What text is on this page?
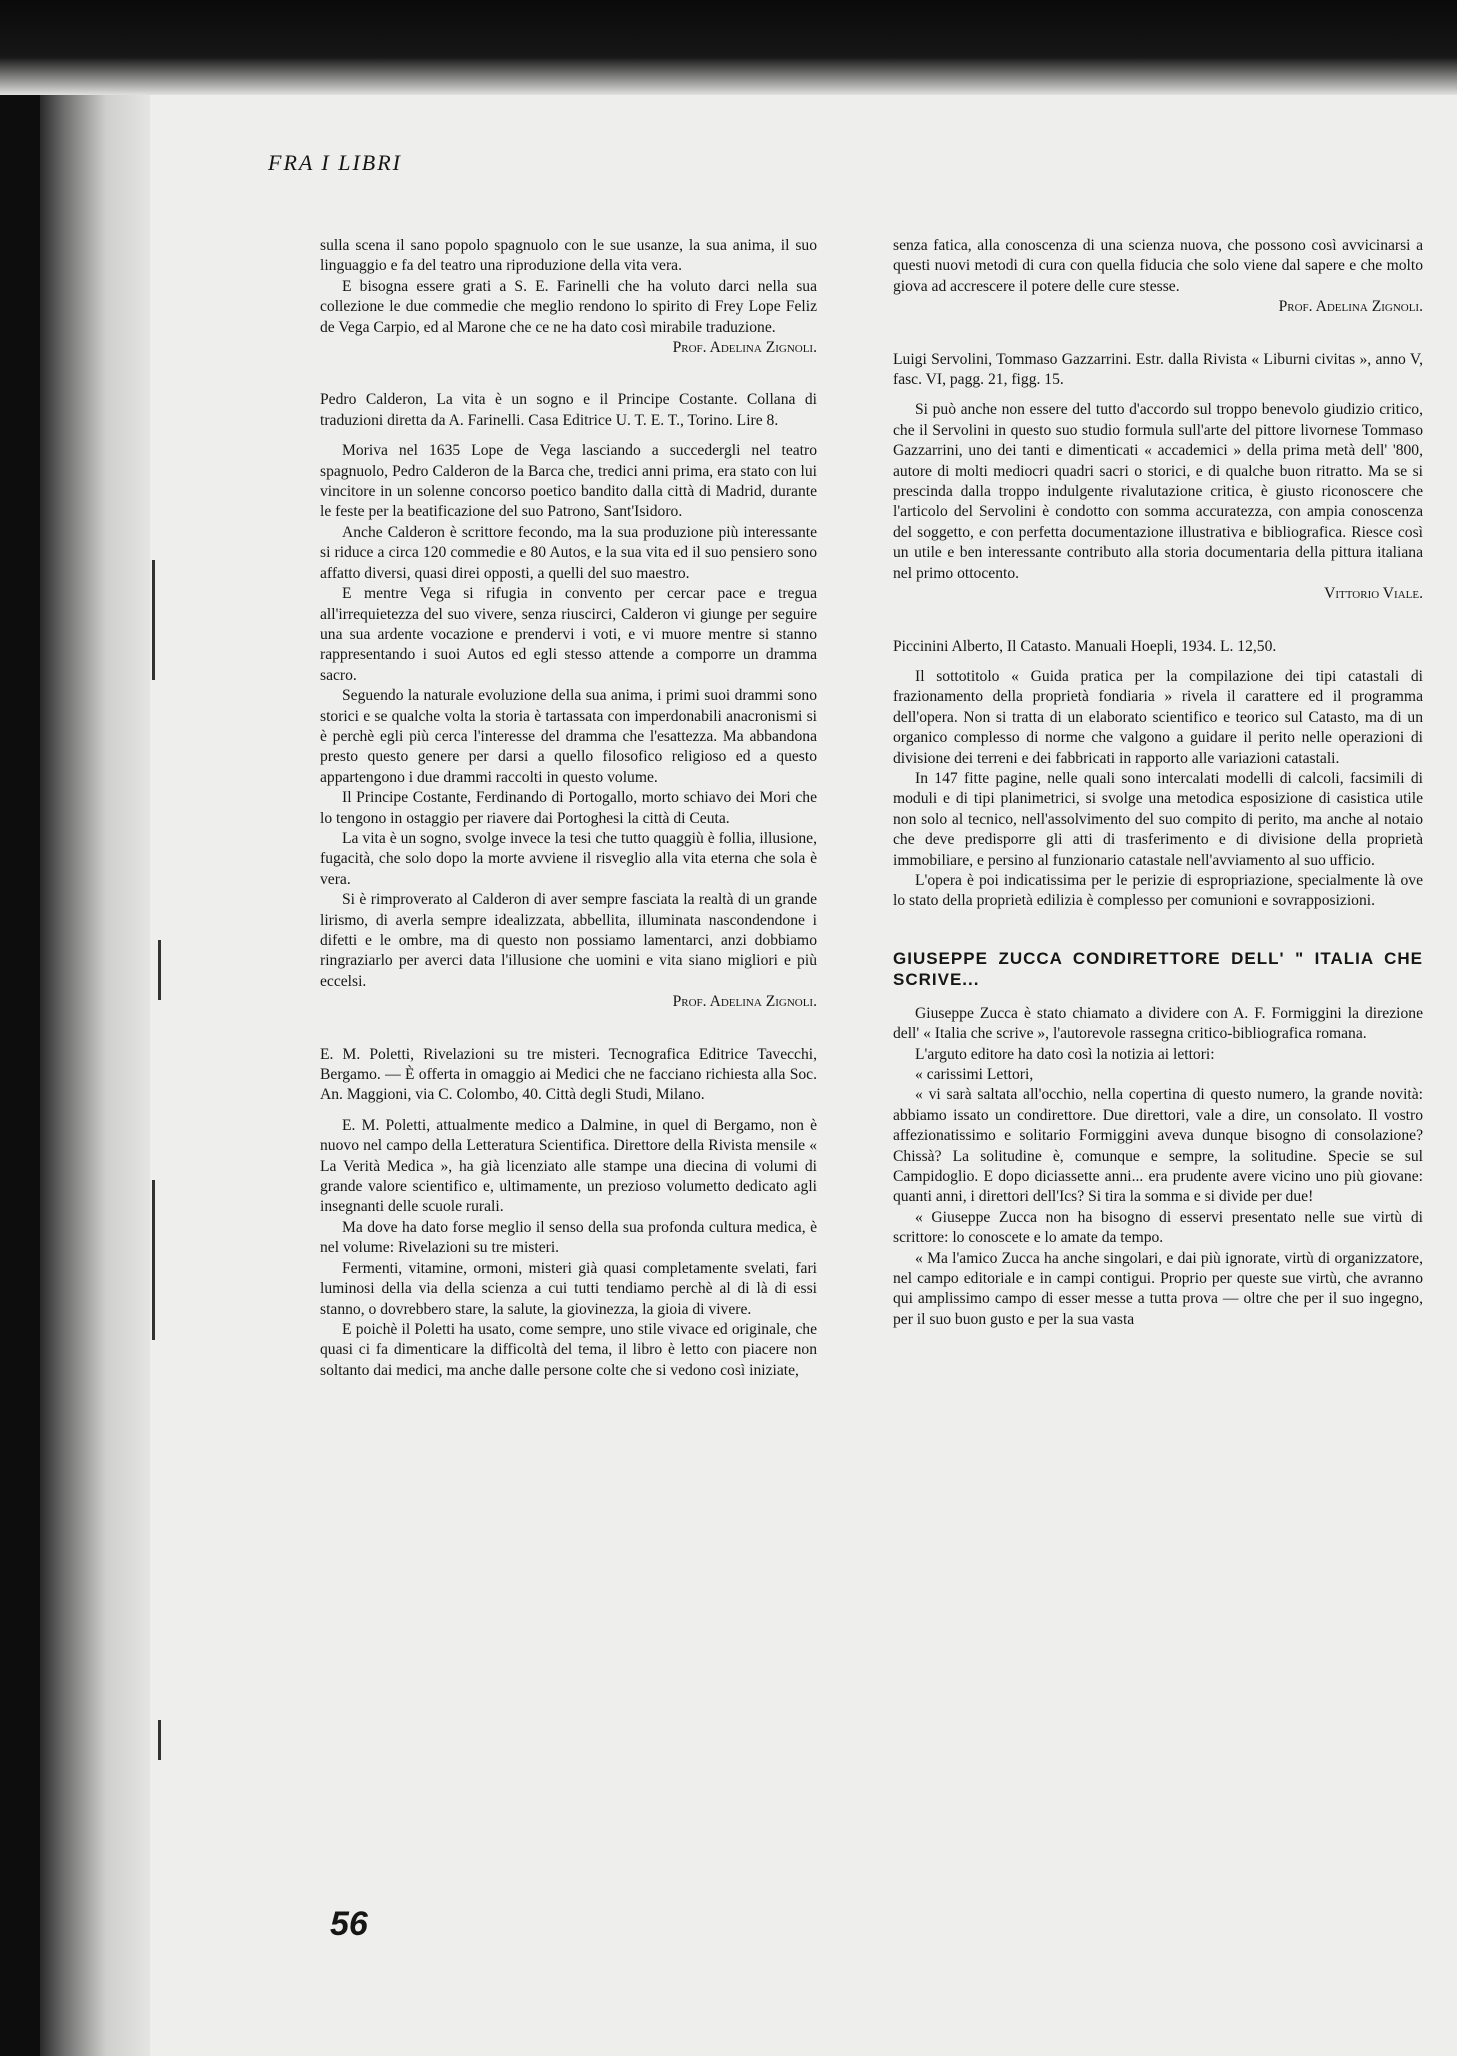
FRA I LIBRI

sulla scena il sano popolo spagnuolo con le sue usanze, la sua anima, il suo linguaggio e fa del teatro una riproduzione della vita vera.

E bisogna essere grati a S. E. Farinelli che ha voluto darci nella sua collezione le due commedie che meglio rendono lo spirito di Frey Lope Feliz de Vega Carpio, ed al Marone che ce ne ha dato così mirabile traduzione.

Prof. Adelina Zignoli.

Pedro Calderon, La vita è un sogno e il Principe Costante. Collana di traduzioni diretta da A. Farinelli. Casa Editrice U. T. E. T., Torino. Lire 8.

Moriva nel 1635 Lope de Vega lasciando a succedergli nel teatro spagnuolo, Pedro Calderon de la Barca che, tredici anni prima, era stato con lui vincitore in un solenne concorso poetico bandito dalla città di Madrid, durante le feste per la beatificazione del suo Patrono, Sant'Isidoro.

Anche Calderon è scrittore fecondo, ma la sua produzione più interessante si riduce a circa 120 commedie e 80 Autos, e la sua vita ed il suo pensiero sono affatto diversi, quasi direi opposti, a quelli del suo maestro.

E mentre Vega si rifugia in convento per cercar pace e tregua all'irrequietezza del suo vivere, senza riuscirci, Calderon vi giunge per seguire una sua ardente vocazione e prendervi i voti, e vi muore mentre si stanno rappresentando i suoi Autos ed egli stesso attende a comporre un dramma sacro.

Seguendo la naturale evoluzione della sua anima, i primi suoi drammi sono storici e se qualche volta la storia è tartassata con imperdonabili anacronismi si è perchè egli più cerca l'interesse del dramma che l'esattezza. Ma abbandona presto questo genere per darsi a quello filosofico religioso ed a questo appartengono i due drammi raccolti in questo volume.

Il Principe Costante, Ferdinando di Portogallo, morto schiavo dei Mori che lo tengono in ostaggio per riavere dai Portoghesi la città di Ceuta.

La vita è un sogno, svolge invece la tesi che tutto quaggiù è follia, illusione, fugacità, che solo dopo la morte avviene il risveglio alla vita eterna che sola è vera.

Si è rimproverato al Calderon di aver sempre fasciata la realtà di un grande lirismo, di averla sempre idealizzata, abbellita, illuminata nascondendone i difetti e le ombre, ma di questo non possiamo lamentarci, anzi dobbiamo ringraziarlo per averci data l'illusione che uomini e vita siano migliori e più eccelsi.

Prof. Adelina Zignoli.

E. M. Poletti, Rivelazioni su tre misteri. Tecnografica Editrice Tavecchi, Bergamo. — È offerta in omaggio ai Medici che ne facciano richiesta alla Soc. An. Maggioni, via C. Colombo, 40. Città degli Studi, Milano.

E. M. Poletti, attualmente medico a Dalmine, in quel di Bergamo, non è nuovo nel campo della Letteratura Scientifica. Direttore della Rivista mensile « La Verità Medica », ha già licenziato alle stampe una diecina di volumi di grande valore scientifico e, ultimamente, un prezioso volumetto dedicato agli insegnanti delle scuole rurali.

Ma dove ha dato forse meglio il senso della sua profonda cultura medica, è nel volume: Rivelazioni su tre misteri.

Fermenti, vitamine, ormoni, misteri già quasi completamente svelati, fari luminosi della via della scienza a cui tutti tendiamo perchè al di là di essi stanno, o dovrebbero stare, la salute, la giovinezza, la gioia di vivere.

E poichè il Poletti ha usato, come sempre, uno stile vivace ed originale, che quasi ci fa dimenticare la difficoltà del tema, il libro è letto con piacere non soltanto dai medici, ma anche dalle persone colte che si vedono così iniziate,

senza fatica, alla conoscenza di una scienza nuova, che possono così avvicinarsi a questi nuovi metodi di cura con quella fiducia che solo viene dal sapere e che molto giova ad accrescere il potere delle cure stesse.

Prof. Adelina Zignoli.

Luigi Servolini, Tommaso Gazzarrini. Estr. dalla Rivista « Liburni civitas », anno V, fasc. VI, pagg. 21, figg. 15.

Si può anche non essere del tutto d'accordo sul troppo benevolo giudizio critico, che il Servolini in questo suo studio formula sull'arte del pittore livornese Tommaso Gazzarrini, uno dei tanti e dimenticati « accademici » della prima metà dell' '800, autore di molti mediocri quadri sacri o storici, e di qualche buon ritratto. Ma se si prescinda dalla troppo indulgente rivalutazione critica, è giusto riconoscere che l'articolo del Servolini è condotto con somma accuratezza, con ampia conoscenza del soggetto, e con perfetta documentazione illustrativa e bibliografica. Riesce così un utile e ben interessante contributo alla storia documentaria della pittura italiana nel primo ottocento.

Vittorio Viale.

Piccinini Alberto, Il Catasto. Manuali Hoepli, 1934. L. 12,50.

Il sottotitolo « Guida pratica per la compilazione dei tipi catastali di frazionamento della proprietà fondiaria » rivela il carattere ed il programma dell'opera. Non si tratta di un elaborato scientifico e teorico sul Catasto, ma di un organico complesso di norme che valgono a guidare il perito nelle operazioni di divisione dei terreni e dei fabbricati in rapporto alle variazioni catastali.

In 147 fitte pagine, nelle quali sono intercalati modelli di calcoli, facsimili di moduli e di tipi planimetrici, si svolge una metodica esposizione di casistica utile non solo al tecnico, nell'assolvimento del suo compito di perito, ma anche al notaio che deve predisporre gli atti di trasferimento e di divisione della proprietà immobiliare, e persino al funzionario catastale nell'avviamento al suo ufficio.

L'opera è poi indicatissima per le perizie di espropriazione, specialmente là ove lo stato della proprietà edilizia è complesso per comunioni e sovrapposizioni.

GIUSEPPE ZUCCA CONDIRETTORE DELL' " ITALIA CHE SCRIVE...

Giuseppe Zucca è stato chiamato a dividere con A. F. Formiggini la direzione dell' « Italia che scrive », l'autorevole rassegna critico-bibliografica romana.

L'arguto editore ha dato così la notizia ai lettori:

« carissimi Lettori,

« vi sarà saltata all'occhio, nella copertina di questo numero, la grande novità: abbiamo issato un condirettore. Due direttori, vale a dire, un consolato. Il vostro affezionatissimo e solitario Formiggini aveva dunque bisogno di consolazione? Chissà? La solitudine è, comunque e sempre, la solitudine. Specie se sul Campidoglio. E dopo diciassette anni... era prudente avere vicino uno più giovane: quanti anni, i direttori dell'Ics? Si tira la somma e si divide per due!

« Giuseppe Zucca non ha bisogno di esservi presentato nelle sue virtù di scrittore: lo conoscete e lo amate da tempo.

« Ma l'amico Zucca ha anche singolari, e dai più ignorate, virtù di organizzatore, nel campo editoriale e in campi contigui. Proprio per queste sue virtù, che avranno qui amplissimo campo di esser messe a tutta prova — oltre che per il suo ingegno, per il suo buon gusto e per la sua vasta

56
